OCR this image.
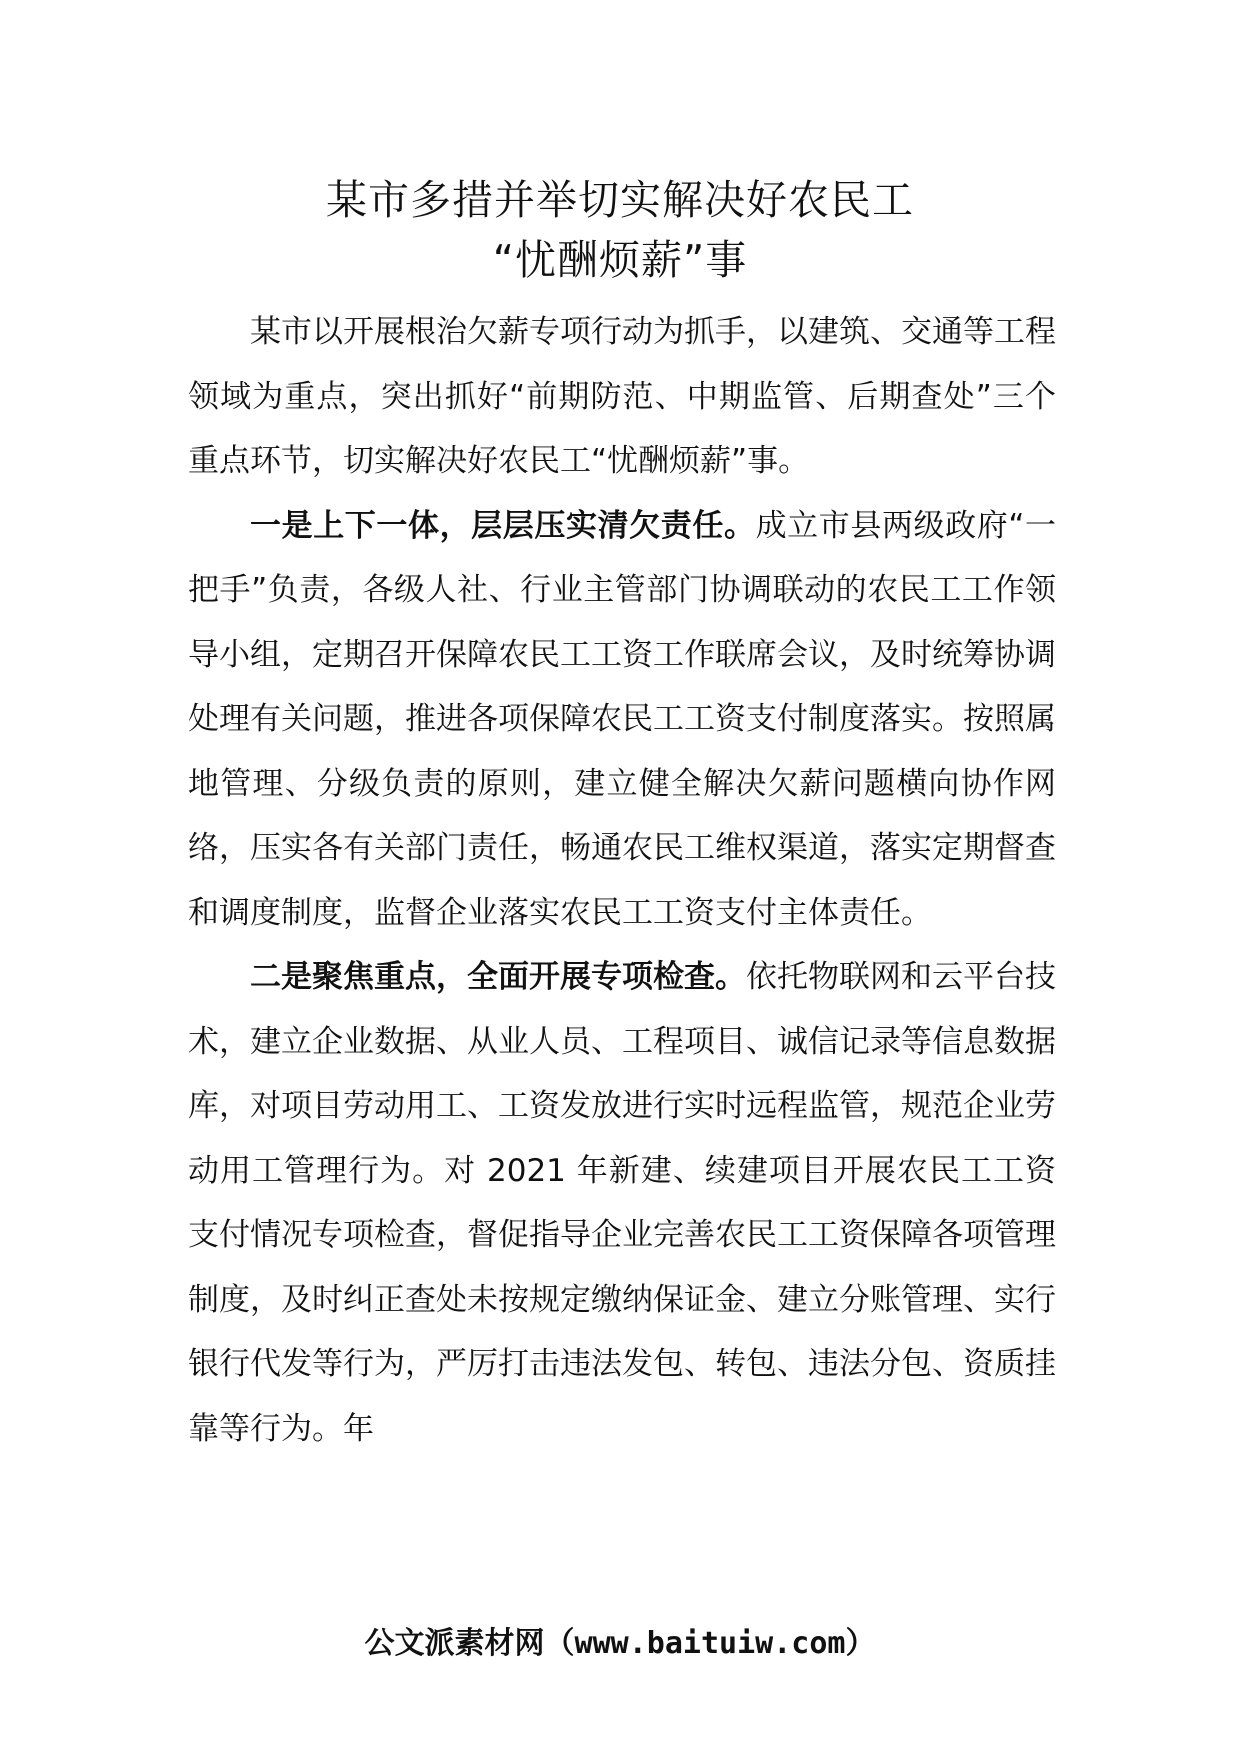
某市多措并举切实解决好农民工
“忧酬烦薪”事

某市以开展根治欠薪专项行动为抓手，以建筑、交通等工程领域为重点，突出抓好“前期防范、中期监管、后期查处”三个重点环节，切实解决好农民工“忧酬烦薪”事。

一是上下一体，层层压实清欠责任。成立市县两级政府“一把手”负责，各级人社、行业主管部门协调联动的农民工工作领导小组，定期召开保障农民工工资工作联席会议，及时统筹协调处理有关问题，推进各项保障农民工工资支付制度落实。按照属地管理、分级负责的原则，建立健全解决欠薪问题横向协作网络，压实各有关部门责任，畅通农民工维权渠道，落实定期督查和调度制度，监督企业落实农民工工资支付主体责任。

二是聚焦重点，全面开展专项检查。依托物联网和云平台技术，建立企业数据、从业人员、工程项目、诚信记录等信息数据库，对项目劳动用工、工资发放进行实时远程监管，规范企业劳动用工管理行为。对 2021 年新建、续建项目开展农民工工资支付情况专项检查，督促指导企业完善农民工工资保障各项管理制度，及时纠正查处未按规定缴纳保证金、建立分账管理、实行银行代发等行为，严厉打击违法发包、转包、违法分包、资质挂靠等行为。年

公文派素材网（www.baituiw.com）
